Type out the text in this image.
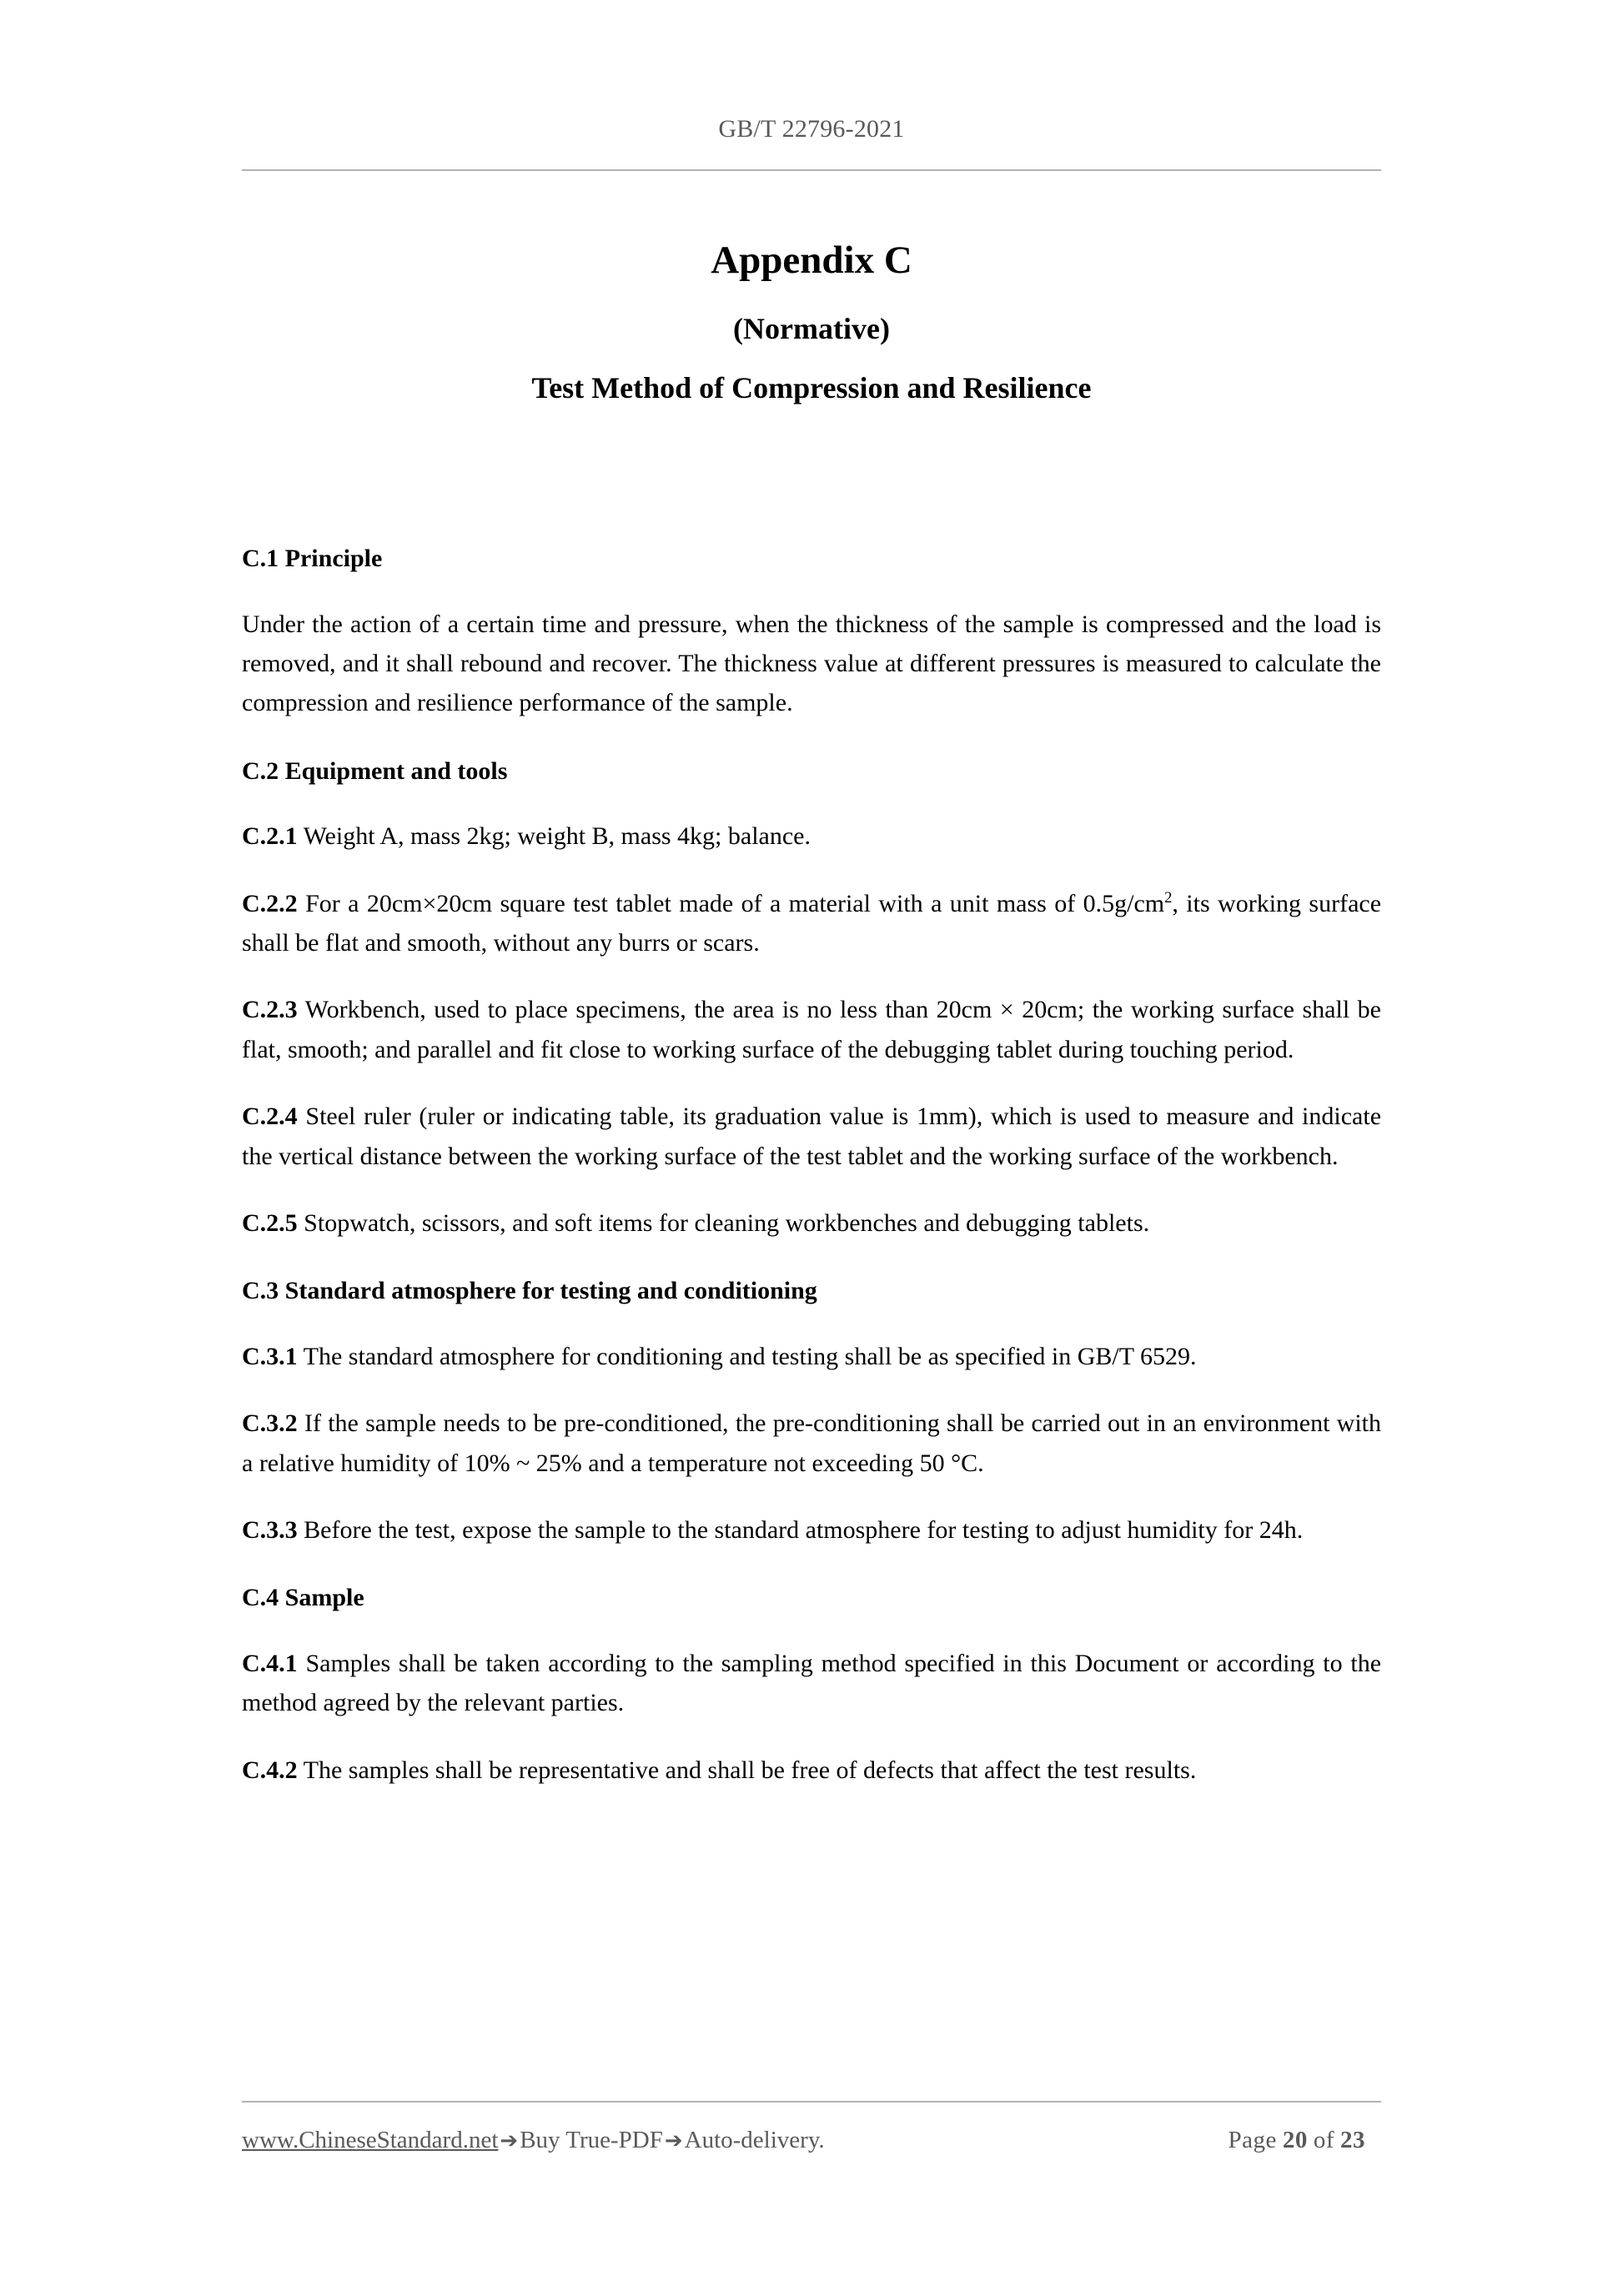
GB/T 22796-2021
Appendix C
(Normative)
Test Method of Compression and Resilience
C.1 Principle

Under the action of a certain time and pressure, when the thickness of the sample is compressed and the load is removed, and it shall rebound and recover. The thickness value at different pressures is measured to calculate the compression and resilience performance of the sample.

C.2 Equipment and tools

C.2.1 Weight A, mass 2kg; weight B, mass 4kg; balance.

C.2.2 For a 20cm×20cm square test tablet made of a material with a unit mass of $0.5g/cm^2$, its working surface shall be flat and smooth, without any burrs or scars.

C.2.3 Workbench, used to place specimens, the area is no less than 20cm × 20cm; the working surface shall be flat, smooth; and parallel and fit close to working surface of the debugging tablet during touching period.

C.2.4 Steel ruler (ruler or indicating table, its graduation value is 1mm), which is used to measure and indicate the vertical distance between the working surface of the test tablet and the working surface of the workbench.

C.2.5 Stopwatch, scissors, and soft items for cleaning workbenches and debugging tablets.

C.3 Standard atmosphere for testing and conditioning

C.3.1 The standard atmosphere for conditioning and testing shall be as specified in GB/T 6529.

C.3.2 If the sample needs to be pre-conditioned, the pre-conditioning shall be carried out in an environment with a relative humidity of 10% ~ 25% and a temperature not exceeding 50 °C.

C.3.3 Before the test, expose the sample to the standard atmosphere for testing to adjust humidity for 24h.

C.4 Sample

C.4.1 Samples shall be taken according to the sampling method specified in this Document or according to the method agreed by the relevant parties.

C.4.2 The samples shall be representative and shall be free of defects that affect the test results.

www.ChineseStandard.net➔Buy True-PDF➔Auto-delivery.	Page 20 of 23
